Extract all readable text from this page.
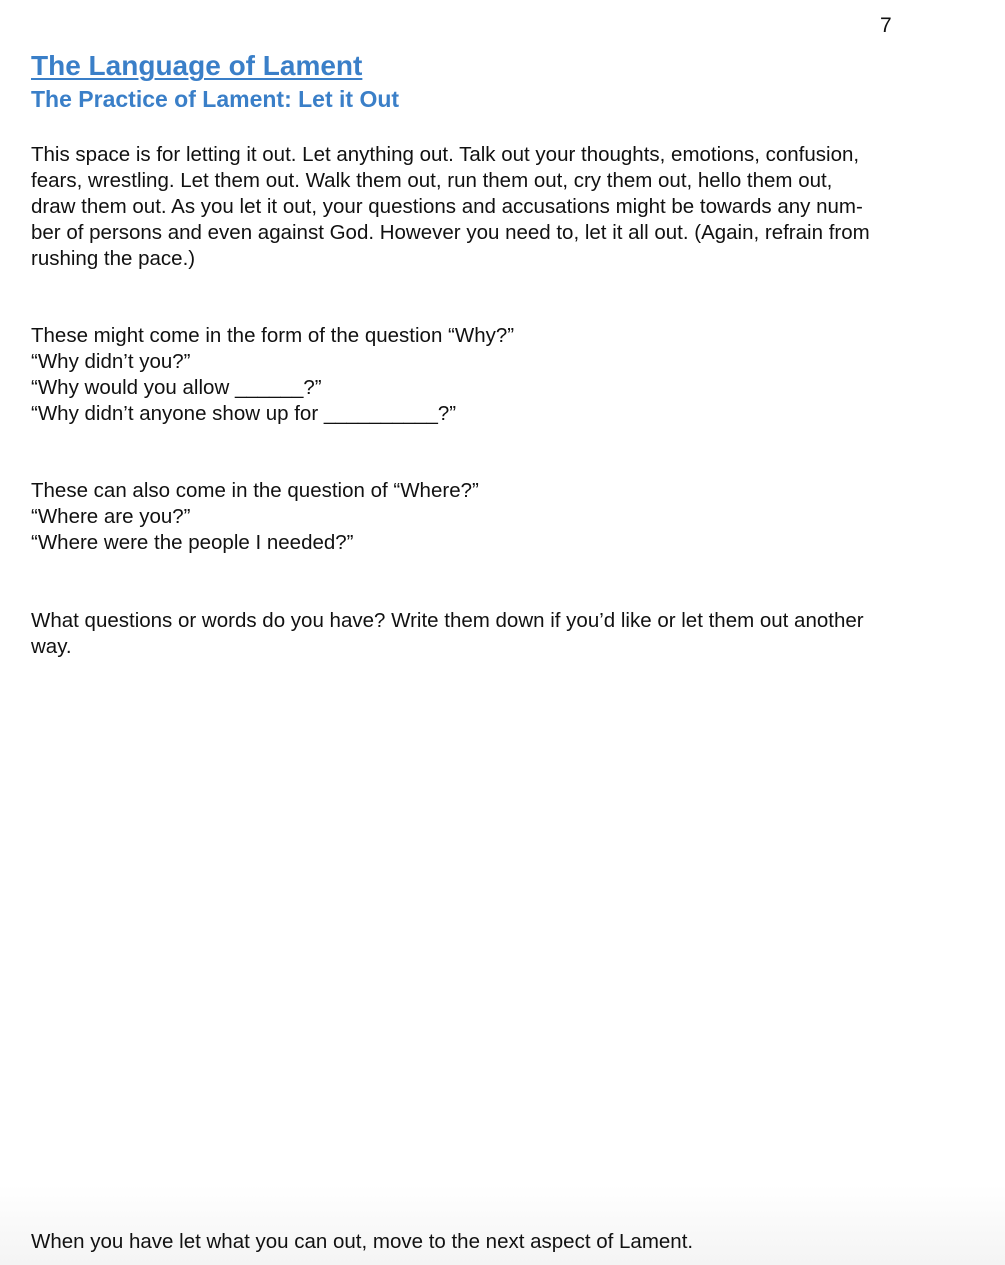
7
The Language of Lament
The Practice of Lament: Let it Out

This space is for letting it out. Let anything out. Talk out your thoughts, emotions, confusion,
fears, wrestling. Let them out. Walk them out, run them out, cry them out, hello them out,
draw them out. As you let it out, your questions and accusations might be towards any num-
ber of persons and even against God. However you need to, let it all out. (Again, refrain from
rushing the pace.)

These might come in the form of the question “Why?”
“Why didn’t you?”
“Why would you allow ______?”
“Why didn’t anyone show up for __________?”

These can also come in the question of “Where?”
“Where are you?”
“Where were the people I needed?”

What questions or words do you have? Write them down if you’d like or let them out another
way.

When you have let what you can out, move to the next aspect of Lament.
